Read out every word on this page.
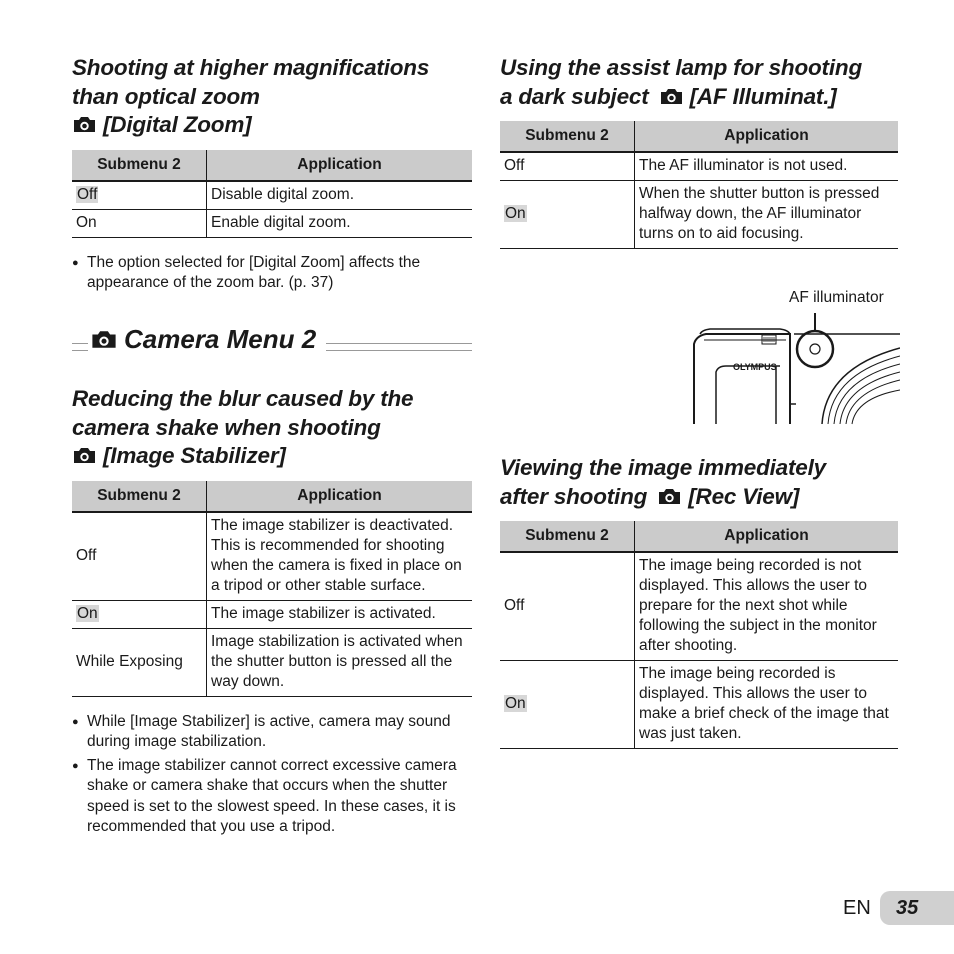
Shooting at higher magnifications
than optical zoom
[Digital Zoom]
Submenu 2	Application
Off	Disable digital zoom.
On	Enable digital zoom.
● The option selected for [Digital Zoom] affects the appearance of the zoom bar. (p. 37)
Camera Menu 2
Reducing the blur caused by the
camera shake when shooting
[Image Stabilizer]
Submenu 2	Application
Off	The image stabilizer is deactivated. This is recommended for shooting when the camera is fixed in place on a tripod or other stable surface.
On	The image stabilizer is activated.
While Exposing	Image stabilization is activated when the shutter button is pressed all the way down.
● While [Image Stabilizer] is active, camera may sound during image stabilization.
● The image stabilizer cannot correct excessive camera shake or camera shake that occurs when the shutter speed is set to the slowest speed. In these cases, it is recommended that you use a tripod.
Using the assist lamp for shooting
a dark subject [AF Illuminat.]
Submenu 2	Application
Off	The AF illuminator is not used.
On	When the shutter button is pressed halfway down, the AF illuminator turns on to aid focusing.
AF illuminator
OLYMPUS
Viewing the image immediately
after shooting [Rec View]
Submenu 2	Application
Off	The image being recorded is not displayed. This allows the user to prepare for the next shot while following the subject in the monitor after shooting.
On	The image being recorded is displayed. This allows the user to make a brief check of the image that was just taken.
EN	35
